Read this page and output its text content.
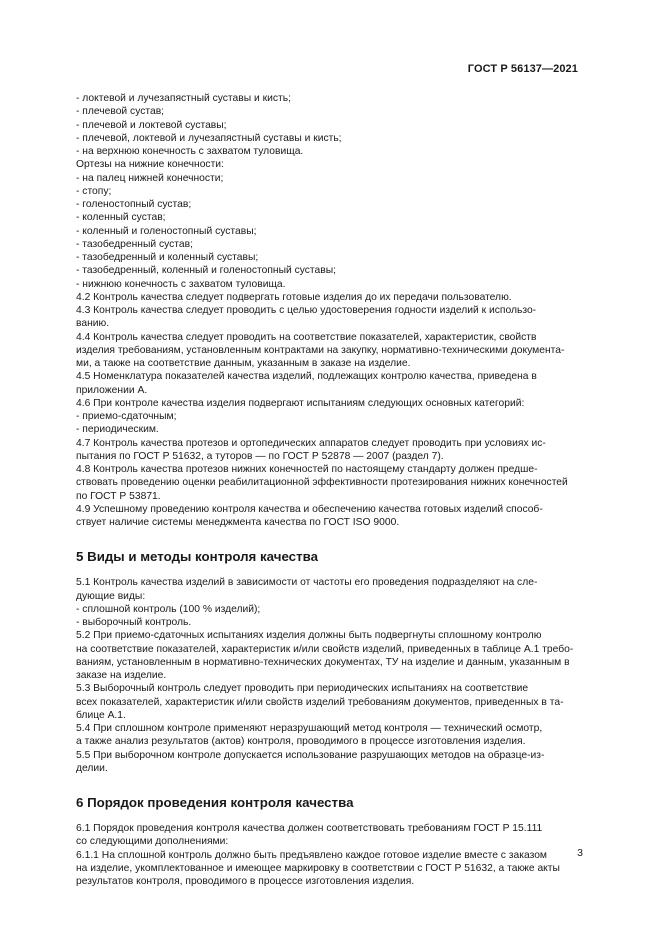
ГОСТ Р 56137—2021

- локтевой и лучезапястный суставы и кисть;

- плечевой сустав;

- плечевой и локтевой суставы;

- плечевой, локтевой и лучезапястный суставы и кисть;

- на верхнюю конечность с захватом туловища.

Ортезы на нижние конечности:

- на палец нижней конечности;

- стопу;

- голеностопный сустав;

- коленный сустав;

- коленный и голеностопный суставы;

- тазобедренный сустав;

- тазобедренный и коленный суставы;

- тазобедренный, коленный и голеностопный суставы;

- нижнюю конечность с захватом туловища.

4.2 Контроль качества следует подвергать готовые изделия до их передачи пользователю.

4.3 Контроль качества следует проводить с целью удостоверения годности изделий к использо-

ванию.

4.4 Контроль качества следует проводить на соответствие показателей, характеристик, свойств

изделия требованиям, установленным контрактами на закупку, нормативно-техническими документа-

ми, а также на соответствие данным, указанным в заказе на изделие.

4.5 Номенклатура показателей качества изделий, подлежащих контролю качества, приведена в

приложении А.

4.6 При контроле качества изделия подвергают испытаниям следующих основных категорий:

- приемо-сдаточным;

- периодическим.

4.7 Контроль качества протезов и ортопедических аппаратов следует проводить при условиях ис-

пытания по ГОСТ Р 51632, а туторов — по ГОСТ Р 52878 — 2007 (раздел 7).

4.8 Контроль качества протезов нижних конечностей по настоящему стандарту должен предше-

ствовать проведению оценки реабилитационной эффективности протезирования нижних конечностей

по ГОСТ Р 53871.

4.9 Успешному проведению контроля качества и обеспечению качества готовых изделий способ-

ствует наличие системы менеджмента качества по ГОСТ ISO 9000.

5 Виды и методы контроля качества

5.1 Контроль качества изделий в зависимости от частоты его проведения подразделяют на сле-

дующие виды:

- сплошной контроль (100 % изделий);

- выборочный контроль.

5.2 При приемо-сдаточных испытаниях изделия должны быть подвергнуты сплошному контролю

на соответствие показателей, характеристик и/или свойств изделий, приведенных в таблице А.1 требо-

ваниям, установленным в нормативно-технических документах, ТУ на изделие и данным, указанным в

заказе на изделие.

5.3 Выборочный контроль следует проводить при периодических испытаниях на соответствие

всех показателей, характеристик и/или свойств изделий требованиям документов, приведенных в та-

блице А.1.

5.4 При сплошном контроле применяют неразрушающий метод контроля — технический осмотр,

а также анализ результатов (актов) контроля, проводимого в процессе изготовления изделия.

5.5 При выборочном контроле допускается использование разрушающих методов на образце-из-

делии.

6 Порядок проведения контроля качества

6.1 Порядок проведения контроля качества должен соответствовать требованиям ГОСТ Р 15.111

со следующими дополнениями:

6.1.1 На сплошной контроль должно быть предъявлено каждое готовое изделие вместе с заказом

на изделие, укомплектованное и имеющее маркировку в соответствии с ГОСТ Р 51632, а также акты

результатов контроля, проводимого в процессе изготовления изделия.

3
